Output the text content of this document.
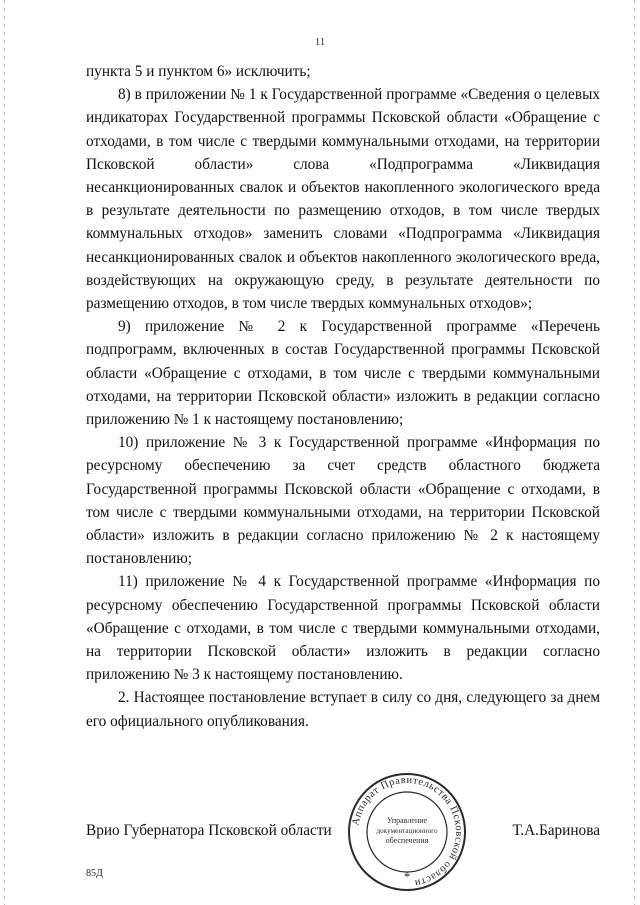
11

пункта 5 и пунктом 6» исключить;

8) в приложении № 1 к Государственной программе «Сведения о целевых индикаторах Государственной программы Псковской области «Обращение с отходами, в том числе с твердыми коммунальными отходами, на территории Псковской области» слова «Подпрограмма «Ликвидация несанкционированных свалок и объектов накопленного экологического вреда в результате деятельности по размещению отходов, в том числе твердых коммунальных отходов» заменить словами «Подпрограмма «Ликвидация несанкционированных свалок и объектов накопленного экологического вреда, воздействующих на окружающую среду, в результате деятельности по размещению отходов, в том числе твердых коммунальных отходов»;

9) приложение № 2 к Государственной программе «Перечень подпрограмм, включенных в состав Государственной программы Псковской области «Обращение с отходами, в том числе с твердыми коммунальными отходами, на территории Псковской области» изложить в редакции согласно приложению № 1 к настоящему постановлению;

10) приложение № 3 к Государственной программе «Информация по ресурсному обеспечению за счет средств областного бюджета Государственной программы Псковской области «Обращение с отходами, в том числе с твердыми коммунальными отходами, на территории Псковской области» изложить в редакции согласно приложению № 2 к настоящему постановлению;

11) приложение № 4 к Государственной программе «Информация по ресурсному обеспечению Государственной программы Псковской области «Обращение с отходами, в том числе с твердыми коммунальными отходами, на территории Псковской области» изложить в редакции согласно приложению № 3 к настоящему постановлению.

2. Настоящее постановление вступает в силу со дня, следующего за днем его официального опубликования.

Врио Губернатора Псковской области	Т.А.Баринова
Аппарат Правительства Псковской области
Управление
документационного
обеспечения
*
85Д
